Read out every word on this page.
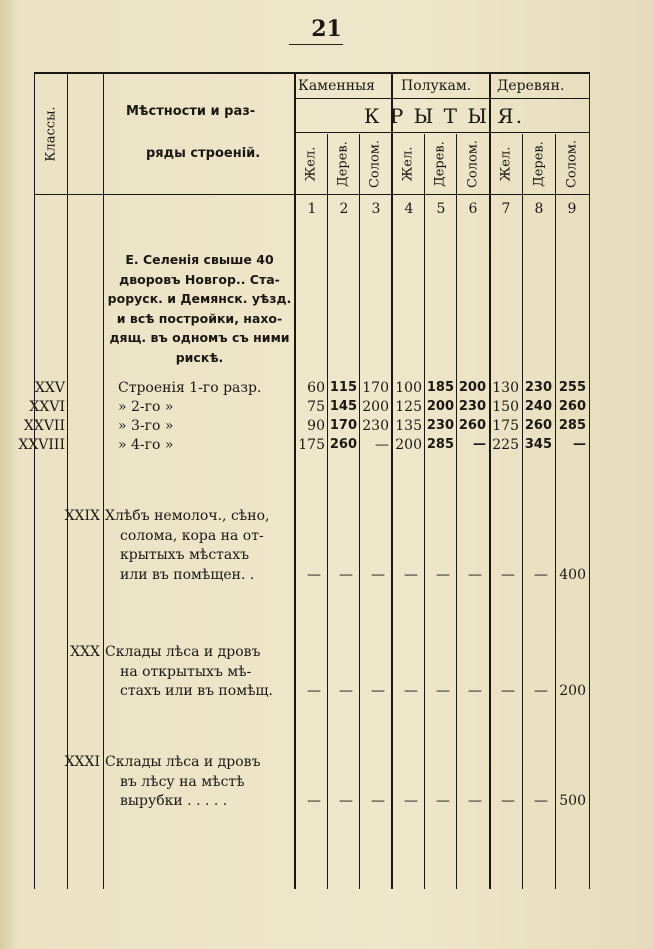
21
Классы.	Мѣстности и раз-
ряды строеній.
Каменныя Полукам. Деревян.
К Р Ы Т Ы Я.
Жел. Дерев. Солом. Жел. Дерев. Солом. Жел. Дерев. Солом.
1	2	3	4	5	6	7	8	9
Е. Селенія свыше 40
дворовъ Новгор.. Ста-
роруск. и Демянск. уѣзд.
и всѣ постройки, нахо-
дящ. въ одномъ съ ними
рискѣ.
XXV	Строенія 1-го разр.	60 115 170 100 185 200 130 230 255
XXVI	» 2-го »	75 145 200 125 200 230 150 240 260
XXVII	» 3-го »	90 170 230 135 230 260 175 260 285
XXVIII	» 4-го »	175 260 — 200 285 — 225 345 —
XXIX Хлѣбъ немолоч., сѣно,
солома, кора на от-
крытыхъ мѣстахъ
или въ помѣщен. .	— — — — — — — — 400
XXX Склады лѣса и дровъ
на открытыхъ мѣ-
стахъ или въ помѣщ. — — — — — — — — 200
XXXI Склады лѣса и дровъ
въ лѣсу на мѣстѣ
вырубки . . . . .	— — — — — — — — 500
